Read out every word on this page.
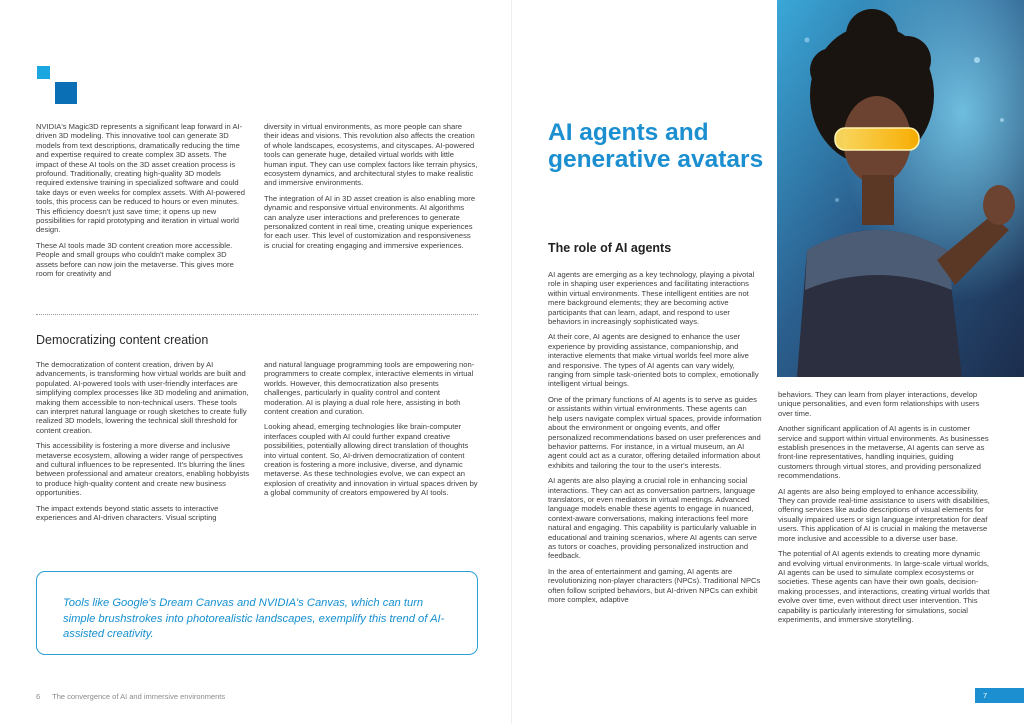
NVIDIA's Magic3D represents a significant leap forward in AI-driven 3D modeling. This innovative tool can generate 3D models from text descriptions, dramatically reducing the time and expertise required to create complex 3D assets. The impact of these AI tools on the 3D asset creation process is profound. Traditionally, creating high-quality 3D models required extensive training in specialized software and could take days or even weeks for complex assets. With AI-powered tools, this process can be reduced to hours or even minutes. This efficiency doesn't just save time; it opens up new possibilities for rapid prototyping and iteration in virtual world design.

These AI tools made 3D content creation more accessible. People and small groups who couldn't make complex 3D assets before can now join the metaverse. This gives more room for creativity and

diversity in virtual environments, as more people can share their ideas and visions. This revolution also affects the creation of whole landscapes, ecosystems, and cityscapes. AI-powered tools can generate huge, detailed virtual worlds with little human input. They can use complex factors like terrain physics, ecosystem dynamics, and architectural styles to make realistic and immersive environments.

The integration of AI in 3D asset creation is also enabling more dynamic and responsive virtual environments. AI algorithms can analyze user interactions and preferences to generate personalized content in real time, creating unique experiences for each user. This level of customization and responsiveness is crucial for creating engaging and immersive experiences.

Democratizing content creation

The democratization of content creation, driven by AI advancements, is transforming how virtual worlds are built and populated. AI-powered tools with user-friendly interfaces are simplifying complex processes like 3D modeling and animation, making them accessible to non-technical users. These tools can interpret natural language or rough sketches to create fully realized 3D models, lowering the technical skill threshold for content creation.

This accessibility is fostering a more diverse and inclusive metaverse ecosystem, allowing a wider range of perspectives and cultural influences to be represented. It's blurring the lines between professional and amateur creators, enabling hobbyists to produce high-quality content and create new business opportunities.

The impact extends beyond static assets to interactive experiences and AI-driven characters. Visual scripting

and natural language programming tools are empowering non-programmers to create complex, interactive elements in virtual worlds. However, this democratization also presents challenges, particularly in quality control and content moderation. AI is playing a dual role here, assisting in both content creation and curation.

Looking ahead, emerging technologies like brain-computer interfaces coupled with AI could further expand creative possibilities, potentially allowing direct translation of thoughts into virtual content. So, AI-driven democratization of content creation is fostering a more inclusive, diverse, and dynamic metaverse. As these technologies evolve, we can expect an explosion of creativity and innovation in virtual spaces driven by a global community of creators empowered by AI tools.

Tools like Google's Dream Canvas and NVIDIA's Canvas, which can turn simple brushstrokes into photorealistic landscapes, exemplify this trend of AI-assisted creativity.
6 The convergence of AI and immersive environments
AI agents and generative avatars
The role of AI agents

AI agents are emerging as a key technology, playing a pivotal role in shaping user experiences and facilitating interactions within virtual environments. These intelligent entities are not mere background elements; they are becoming active participants that can learn, adapt, and respond to user behaviors in increasingly sophisticated ways.

At their core, AI agents are designed to enhance the user experience by providing assistance, companionship, and interactive elements that make virtual worlds feel more alive and responsive. The types of AI agents can vary widely, ranging from simple task-oriented bots to complex, emotionally intelligent virtual beings.

One of the primary functions of AI agents is to serve as guides or assistants within virtual environments. These agents can help users navigate complex virtual spaces, provide information about the environment or ongoing events, and offer personalized recommendations based on user preferences and behavior patterns. For instance, in a virtual museum, an AI agent could act as a curator, offering detailed information about exhibits and tailoring the tour to the user's interests.

AI agents are also playing a crucial role in enhancing social interactions. They can act as conversation partners, language translators, or even mediators in virtual meetings. Advanced language models enable these agents to engage in nuanced, context-aware conversations, making interactions feel more natural and engaging. This capability is particularly valuable in educational and training scenarios, where AI agents can serve as tutors or coaches, providing personalized instruction and feedback.

In the area of entertainment and gaming, AI agents are revolutionizing non-player characters (NPCs). Traditional NPCs often follow scripted behaviors, but AI-driven NPCs can exhibit more complex, adaptive

behaviors. They can learn from player interactions, develop unique personalities, and even form relationships with users over time.

Another significant application of AI agents is in customer service and support within virtual environments. As businesses establish presences in the metaverse, AI agents can serve as front-line representatives, handling inquiries, guiding customers through virtual stores, and providing personalized recommendations.

AI agents are also being employed to enhance accessibility. They can provide real-time assistance to users with disabilities, offering services like audio descriptions of visual elements for visually impaired users or sign language interpretation for deaf users. This application of AI is crucial in making the metaverse more inclusive and accessible to a diverse user base.

The potential of AI agents extends to creating more dynamic and evolving virtual environments. In large-scale virtual worlds, AI agents can be used to simulate complex ecosystems or societies. These agents can have their own goals, decision-making processes, and interactions, creating virtual worlds that evolve over time, even without direct user intervention. This capability is particularly interesting for simulations, social experiments, and immersive storytelling.

7
